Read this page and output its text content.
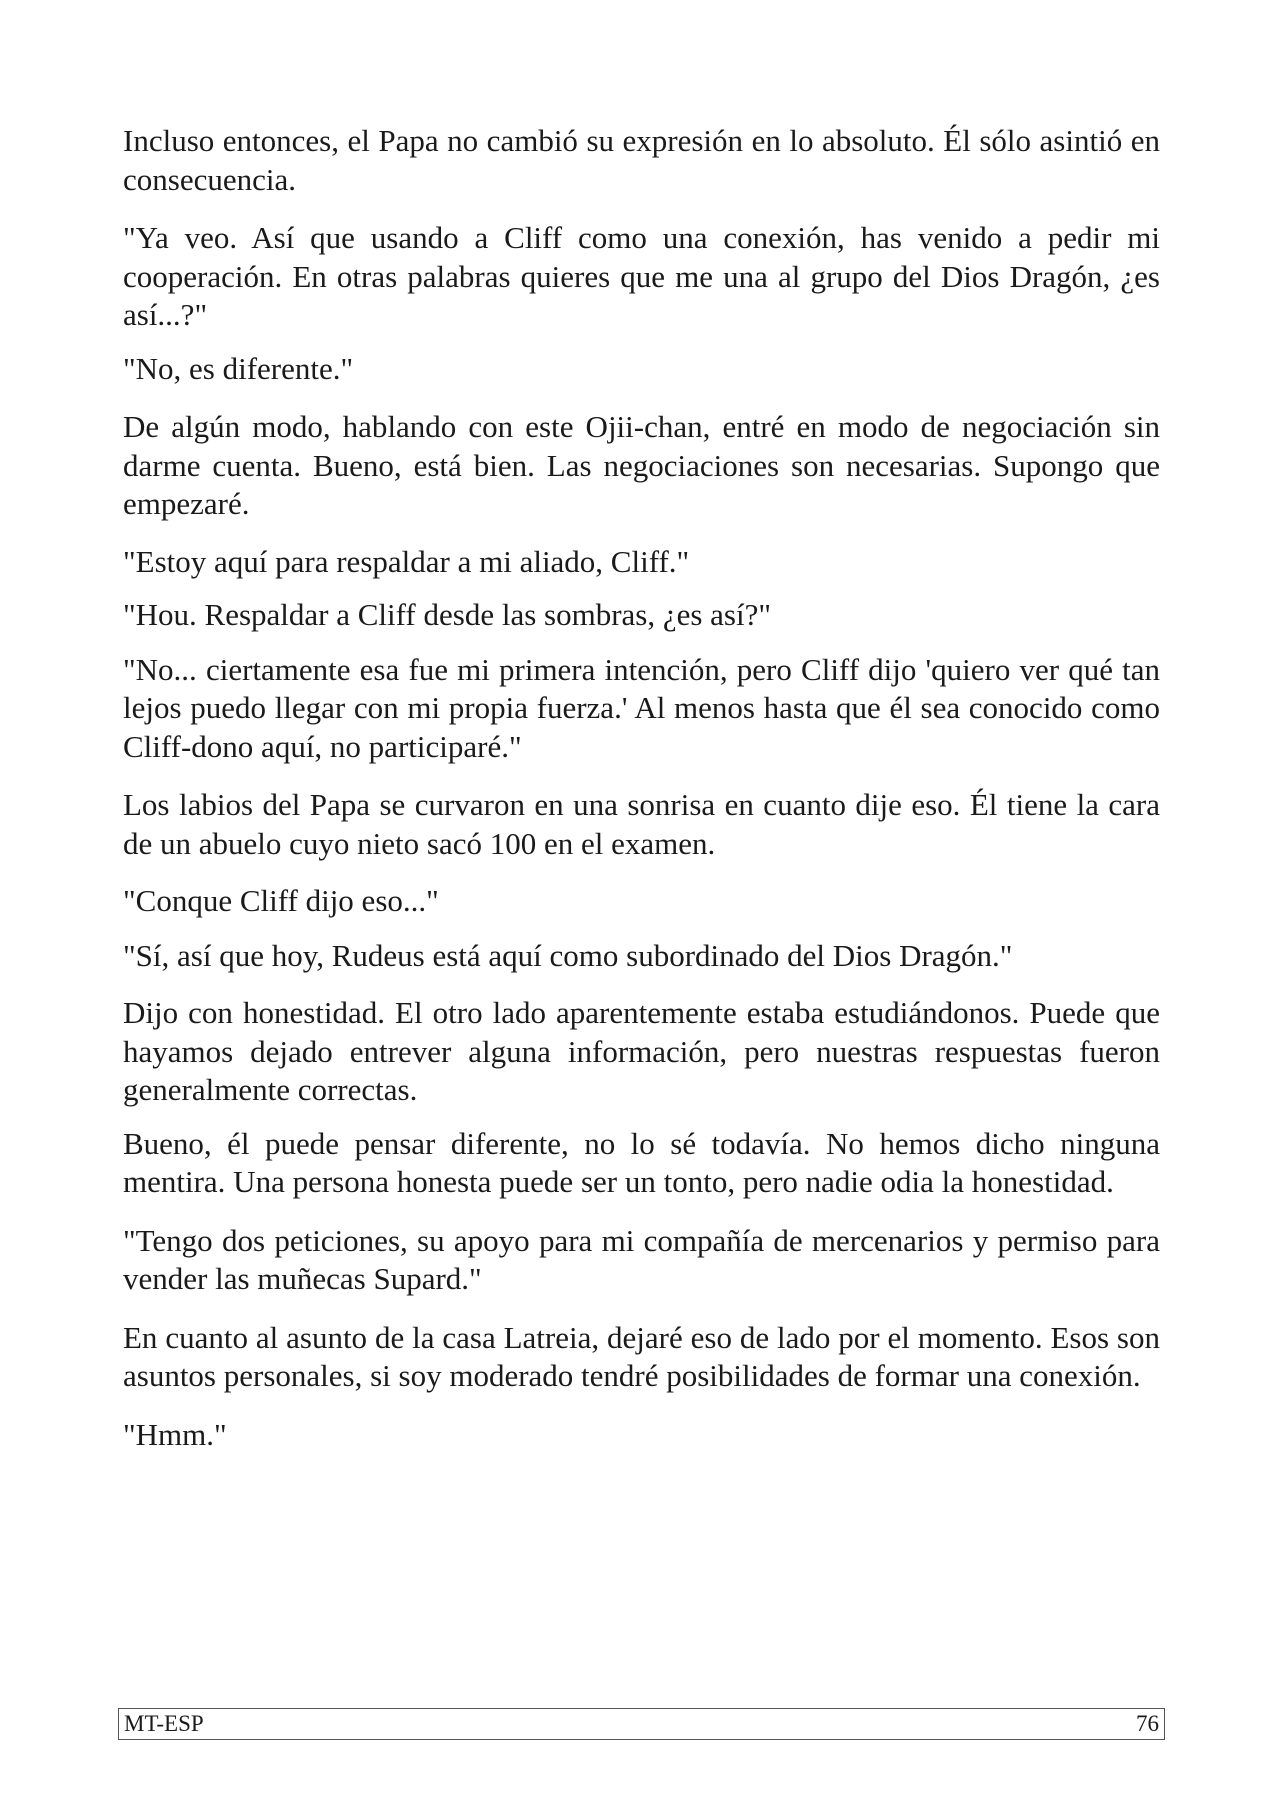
Incluso entonces, el Papa no cambió su expresión en lo absoluto. Él sólo asintió en consecuencia.

"Ya veo. Así que usando a Cliff como una conexión, has venido a pedir mi cooperación. En otras palabras quieres que me una al grupo del Dios Dragón, ¿es así...?"

"No, es diferente."

De algún modo, hablando con este Ojii-chan, entré en modo de negociación sin darme cuenta. Bueno, está bien. Las negociaciones son necesarias. Supongo que empezaré.

"Estoy aquí para respaldar a mi aliado, Cliff."

"Hou. Respaldar a Cliff desde las sombras, ¿es así?"

"No... ciertamente esa fue mi primera intención, pero Cliff dijo 'quiero ver qué tan lejos puedo llegar con mi propia fuerza.' Al menos hasta que él sea conocido como Cliff-dono aquí, no participaré."

Los labios del Papa se curvaron en una sonrisa en cuanto dije eso. Él tiene la cara de un abuelo cuyo nieto sacó 100 en el examen.

"Conque Cliff dijo eso..."

"Sí, así que hoy, Rudeus está aquí como subordinado del Dios Dragón."

Dijo con honestidad. El otro lado aparentemente estaba estudiándonos. Puede que hayamos dejado entrever alguna información, pero nuestras respuestas fueron generalmente correctas.

Bueno, él puede pensar diferente, no lo sé todavía. No hemos dicho ninguna mentira. Una persona honesta puede ser un tonto, pero nadie odia la honestidad.

"Tengo dos peticiones, su apoyo para mi compañía de mercenarios y permiso para vender las muñecas Supard."

En cuanto al asunto de la casa Latreia, dejaré eso de lado por el momento. Esos son asuntos personales, si soy moderado tendré posibilidades de formar una conexión.

"Hmm."

MT-ESP	76
